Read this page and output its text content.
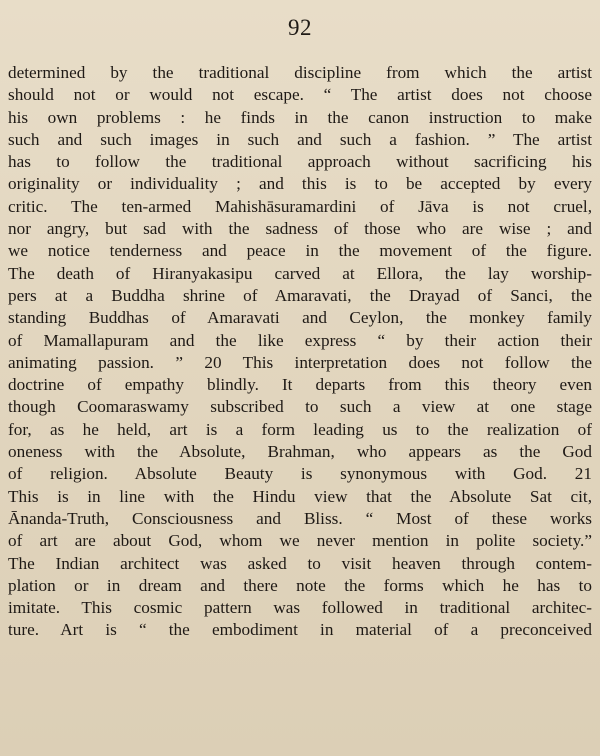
92
determined by the traditional discipline from which the artist
should not or would not escape. “ The artist does not choose
his own problems : he finds in the canon instruction to make
such and such images in such and such a fashion. ” The artist
has to follow the traditional approach without sacrificing his
originality or individuality ; and this is to be accepted by every
critic. The ten-armed Mahishāsuramardini of Jāva is not cruel,
nor angry, but sad with the sadness of those who are wise ; and
we notice tenderness and peace in the movement of the figure.
The death of Hiranyakasipu carved at Ellora, the lay worship-
pers at a Buddha shrine of Amaravati, the Drayad of Sanci, the
standing Buddhas of Amaravati and Ceylon, the monkey family
of Mamallapuram and the like express “ by their action their
animating passion. ” 20 This interpretation does not follow the
doctrine of empathy blindly. It departs from this theory even
though Coomaraswamy subscribed to such a view at one stage
for, as he held, art is a form leading us to the realization of
oneness with the Absolute, Brahman, who appears as the God
of religion. Absolute Beauty is synonymous with God. 21
This is in line with the Hindu view that the Absolute Sat cit,
Ānanda-Truth, Consciousness and Bliss. “ Most of these works
of art are about God, whom we never mention in polite society.”
The Indian architect was asked to visit heaven through contem-
plation or in dream and there note the forms which he has to
imitate. This cosmic pattern was followed in traditional architec-
ture. Art is “ the embodiment in material of a preconceived
